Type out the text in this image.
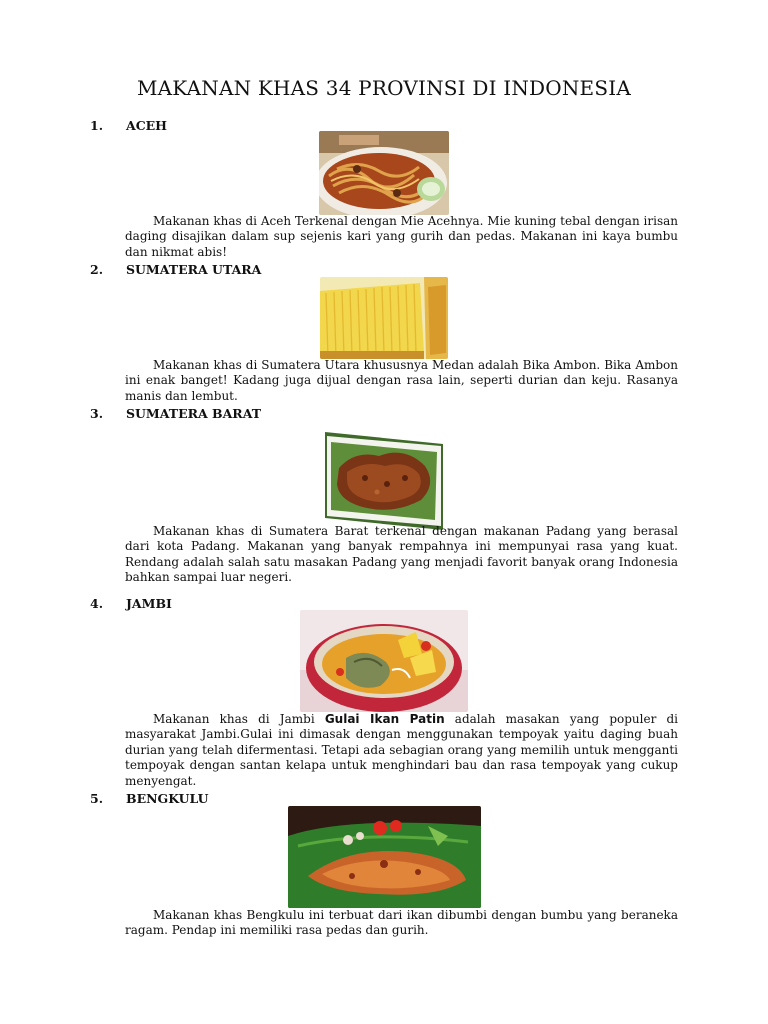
MAKANAN KHAS 34 PROVINSI DI INDONESIA
1. ACEH
Makanan khas di Aceh Terkenal dengan Mie Acehnya. Mie kuning tebal dengan irisan daging disajikan dalam sup sejenis kari yang gurih dan pedas. Makanan ini kaya bumbu dan nikmat abis!
2. SUMATERA UTARA
Makanan khas di Sumatera Utara khususnya Medan adalah Bika Ambon. Bika Ambon ini enak banget! Kadang juga dijual dengan rasa lain, seperti durian dan keju. Rasanya manis dan lembut.
3. SUMATERA BARAT
Makanan khas di Sumatera Barat terkenal dengan makanan Padang yang berasal dari kota Padang. Makanan yang banyak rempahnya ini mempunyai rasa yang kuat. Rendang adalah salah satu masakan Padang yang menjadi favorit banyak orang Indonesia bahkan sampai luar negeri.
4. JAMBI
Makanan khas di Jambi Gulai Ikan Patin adalah masakan yang populer di masyarakat Jambi.Gulai ini dimasak dengan menggunakan tempoyak yaitu daging buah durian yang telah difermentasi. Tetapi ada sebagian orang yang memilih untuk mengganti tempoyak dengan santan kelapa untuk menghindari bau dan rasa tempoyak yang cukup menyengat.
5. BENGKULU
Makanan khas Bengkulu ini terbuat dari ikan dibumbi dengan bumbu yang beraneka ragam. Pendap ini memiliki rasa pedas dan gurih.
